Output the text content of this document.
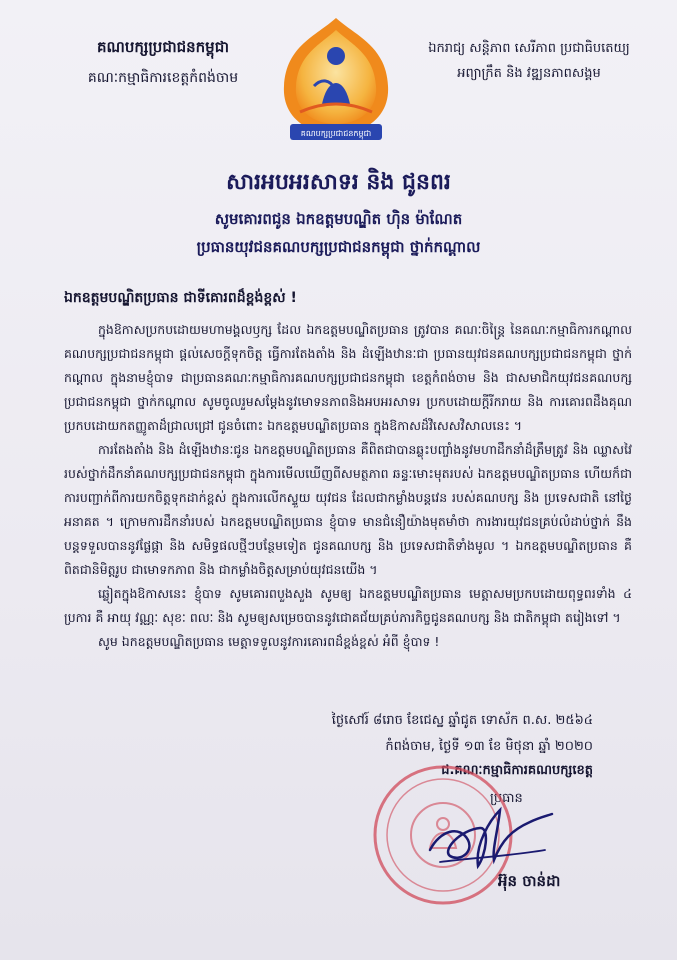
គណបក្សប្រជាជនកម្ពុជា
គណៈកម្មាធិការខេត្តកំពង់ចាម
គណបក្សប្រជាជនកម្ពុជា
ឯករាជ្យ សន្តិភាព សេរីភាព ប្រជាធិបតេយ្យ
អព្យាក្រឹត និង វឌ្ឍនភាពសង្គម
សារអបអរសាទរ និង ជូនពរ
សូមគោរពជូន ឯកឧត្តមបណ្ឌិត ហ៊ិន ម៉ាណែត
ប្រធានយុវជនគណបក្សប្រជាជនកម្ពុជា ថ្នាក់កណ្តាល
ឯកឧត្តមបណ្ឌិតប្រធាន ជាទីគោរពដ៏ខ្ពង់ខ្ពស់ !

ក្នុងឱកាសប្រកបដោយមហាមង្គលឫក្ស ដែល ឯកឧត្តមបណ្ឌិតប្រធាន ត្រូវបាន គណៈចិន្ត្រៃ នៃគណៈកម្មាធិការកណ្តាលគណបក្សប្រជាជនកម្ពុជា ផ្តល់សេចក្តីទុកចិត្ត ធ្វើការតែងតាំង និង ដំឡើងឋានៈជា ប្រធានយុវជនគណបក្សប្រជាជនកម្ពុជា ថ្នាក់កណ្តាល ក្នុងនាមខ្ញុំបាទ ជាប្រធានគណៈកម្មាធិការគណបក្សប្រជាជនកម្ពុជា ខេត្តកំពង់ចាម និង ជាសមាជិកយុវជនគណបក្សប្រជាជនកម្ពុជា ថ្នាក់កណ្តាល សូមចូលរួមសម្តែងនូវមោទនភាពនិងអបអរសាទរ ប្រកបដោយក្តីរីករាយ និង ការគោរពដឹងគុណប្រកបដោយកតញ្ញូតាដ៏ជ្រាលជ្រៅ ជូនចំពោះ ឯកឧត្តមបណ្ឌិតប្រធាន ក្នុងឱកាសដ៏វិសេសវិសាលនេះ ។

ការតែងតាំង និង ដំឡើងឋានៈជូន ឯកឧត្តមបណ្ឌិតប្រធាន គឺពិតជាបានឆ្លុះបញ្ចាំងនូវមហាដឹកនាំដ៏ត្រឹមត្រូវ និង ឈ្លាសវៃ របស់ថ្នាក់ដឹកនាំគណបក្សប្រជាជនកម្ពុជា ក្នុងការមើលឃើញពីសមត្ថភាព ឆន្ទៈមោះមុតរបស់ ឯកឧត្តមបណ្ឌិតប្រធាន ហើយក៏ជាការបញ្ជាក់ពីការយកចិត្តទុកដាក់ខ្ពស់ ក្នុងការលើកស្ទួយ យុវជន ដែលជាកម្លាំងបន្តវេន របស់គណបក្ស និង ប្រទេសជាតិ នៅថ្ងៃអនាគត ។ ក្រោមការដឹកនាំរបស់ ឯកឧត្តមបណ្ឌិតប្រធាន ខ្ញុំបាទ មានជំនឿយ៉ាងមុតមាំថា ការងារយុវជនគ្រប់លំដាប់ថ្នាក់ នឹងបន្តទទួលបាននូវផ្លែផ្កា និង សមិទ្ធផលថ្មីៗបន្ថែមទៀត ជូនគណបក្ស និង ប្រទេសជាតិទាំងមូល ។ ឯកឧត្តមបណ្ឌិតប្រធាន គឺពិតជានិមិត្តរូប ជាមោទកភាព និង ជាកម្លាំងចិត្តសម្រាប់យុវជនយើង ។

ឆ្លៀតក្នុងឱកាសនេះ ខ្ញុំបាទ សូមគោរពបួងសួង សូមឲ្យ ឯកឧត្តមបណ្ឌិតប្រធាន មេត្តាសមប្រកបដោយពុទ្ធពរទាំង ៤ ប្រការ គឺ អាយុ វណ្ណៈ សុខៈ ពលៈ និង សូមឲ្យសម្រេចបាននូវជោគជ័យគ្រប់ភារកិច្ចជូនគណបក្ស និង ជាតិកម្ពុជា តរៀងទៅ ។

សូម ឯកឧត្តមបណ្ឌិតប្រធាន មេត្តាទទួលនូវការគោរពដ៏ខ្ពង់ខ្ពស់ អំពី ខ្ញុំបាទ !

ថ្ងៃសៅរ៍ ៨រោច ខែជេស្ឋ ឆ្នាំជូត ទោស័ក ព.ស. ២៥៦៤
កំពង់ចាម, ថ្ងៃទី ១៣ ខែ មិថុនា ឆ្នាំ ២០២០
ជ.គណៈកម្មាធិការគណបក្សខេត្ត
ប្រធាន
អ៊ុន ចាន់ដា
